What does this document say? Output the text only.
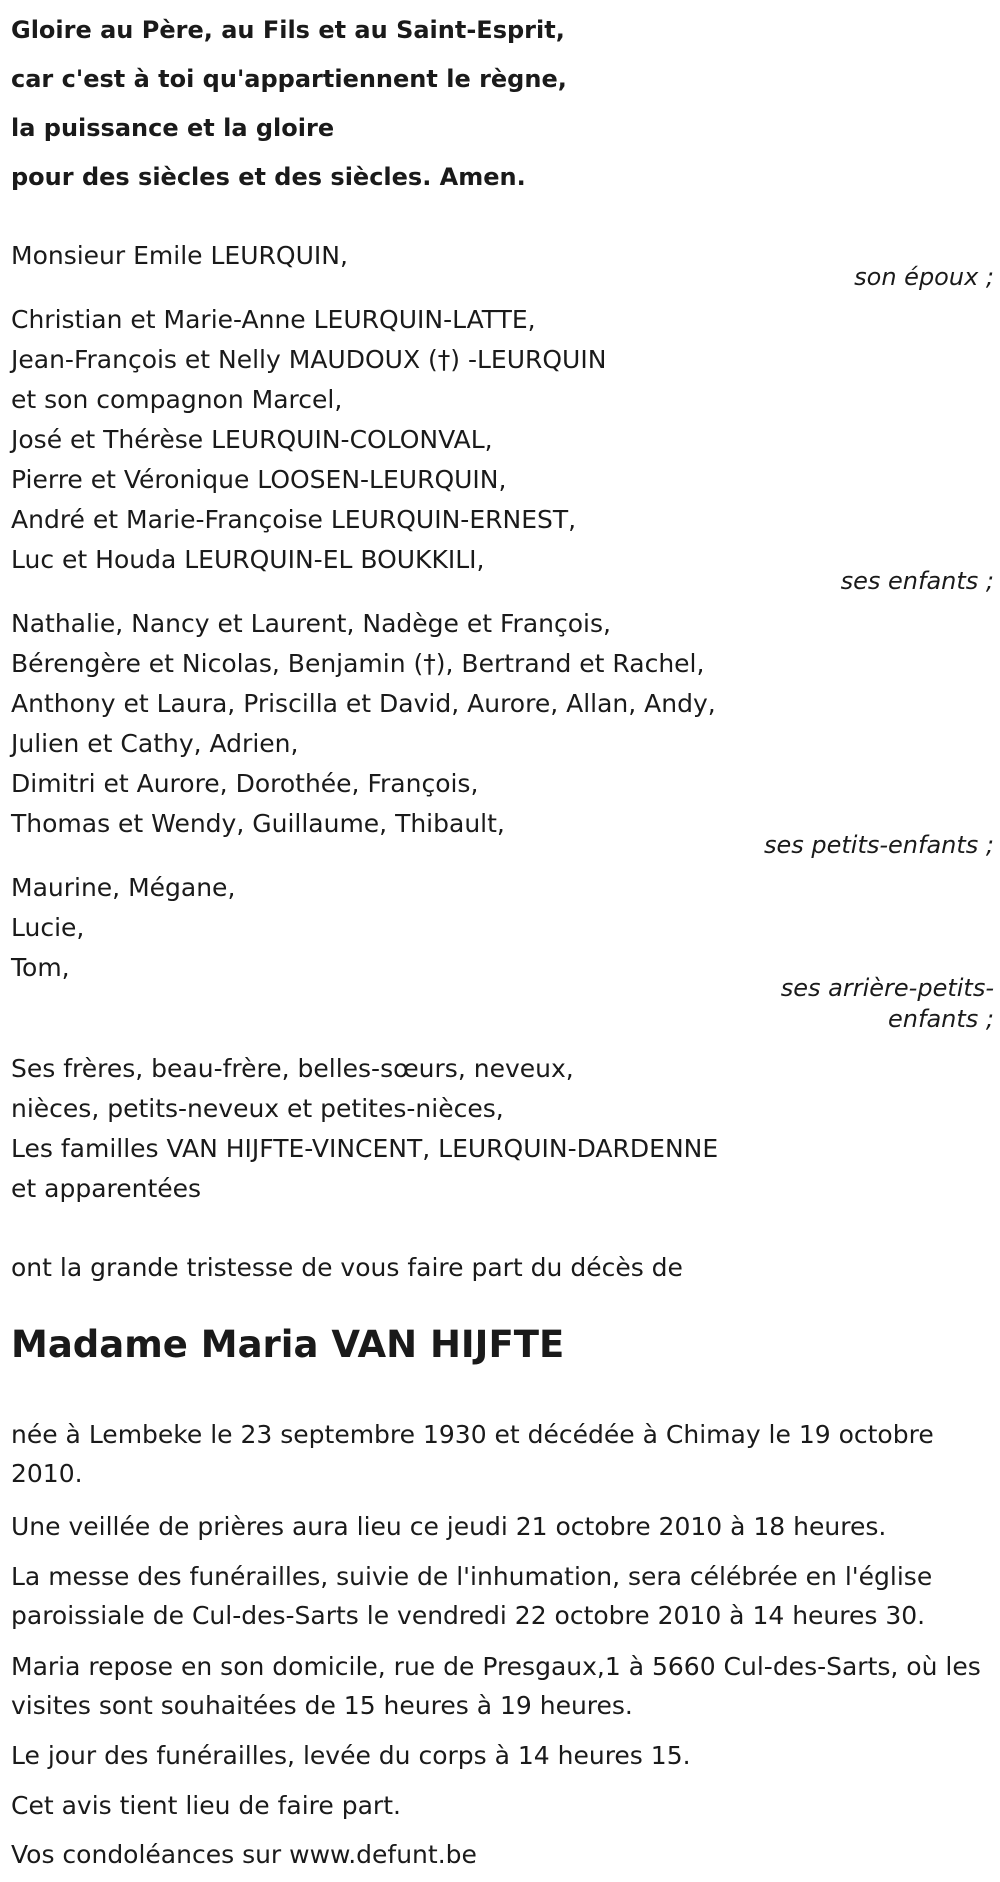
Gloire au Père, au Fils et au Saint-Esprit,
car c'est à toi qu'appartiennent le règne,
la puissance et la gloire
pour des siècles et des siècles. Amen.
Monsieur Emile LEURQUIN,
son époux ;
Christian et Marie-Anne LEURQUIN-LATTE,
Jean-François et Nelly MAUDOUX (†) -LEURQUIN
et son compagnon Marcel,
José et Thérèse LEURQUIN-COLONVAL,
Pierre et Véronique LOOSEN-LEURQUIN,
André et Marie-Françoise LEURQUIN-ERNEST,
Luc et Houda LEURQUIN-EL BOUKKILI,
ses enfants ;
Nathalie, Nancy et Laurent, Nadège et François,
Bérengère et Nicolas, Benjamin (†), Bertrand et Rachel,
Anthony et Laura, Priscilla et David, Aurore, Allan, Andy,
Julien et Cathy, Adrien,
Dimitri et Aurore, Dorothée, François,
Thomas et Wendy, Guillaume, Thibault,
ses petits-enfants ;
Maurine, Mégane,
Lucie,
Tom,
ses arrière-petits-
enfants ;
Ses frères, beau-frère, belles-sœurs, neveux,
nièces, petits-neveux et petites-nièces,
Les familles VAN HIJFTE-VINCENT, LEURQUIN-DARDENNE
et apparentées
ont la grande tristesse de vous faire part du décès de
Madame Maria VAN HIJFTE
née à Lembeke le 23 septembre 1930 et décédée à Chimay le 19 octobre 2010.
Une veillée de prières aura lieu ce jeudi 21 octobre 2010 à 18 heures.
La messe des funérailles, suivie de l'inhumation, sera célébrée en l'église paroissiale de Cul-des-Sarts le vendredi 22 octobre 2010 à 14 heures 30.
Maria repose en son domicile, rue de Presgaux,1 à 5660 Cul-des-Sarts, où les visites sont souhaitées de 15 heures à 19 heures.
Le jour des funérailles, levée du corps à 14 heures 15.
Cet avis tient lieu de faire part.
Vos condoléances sur www.defunt.be
